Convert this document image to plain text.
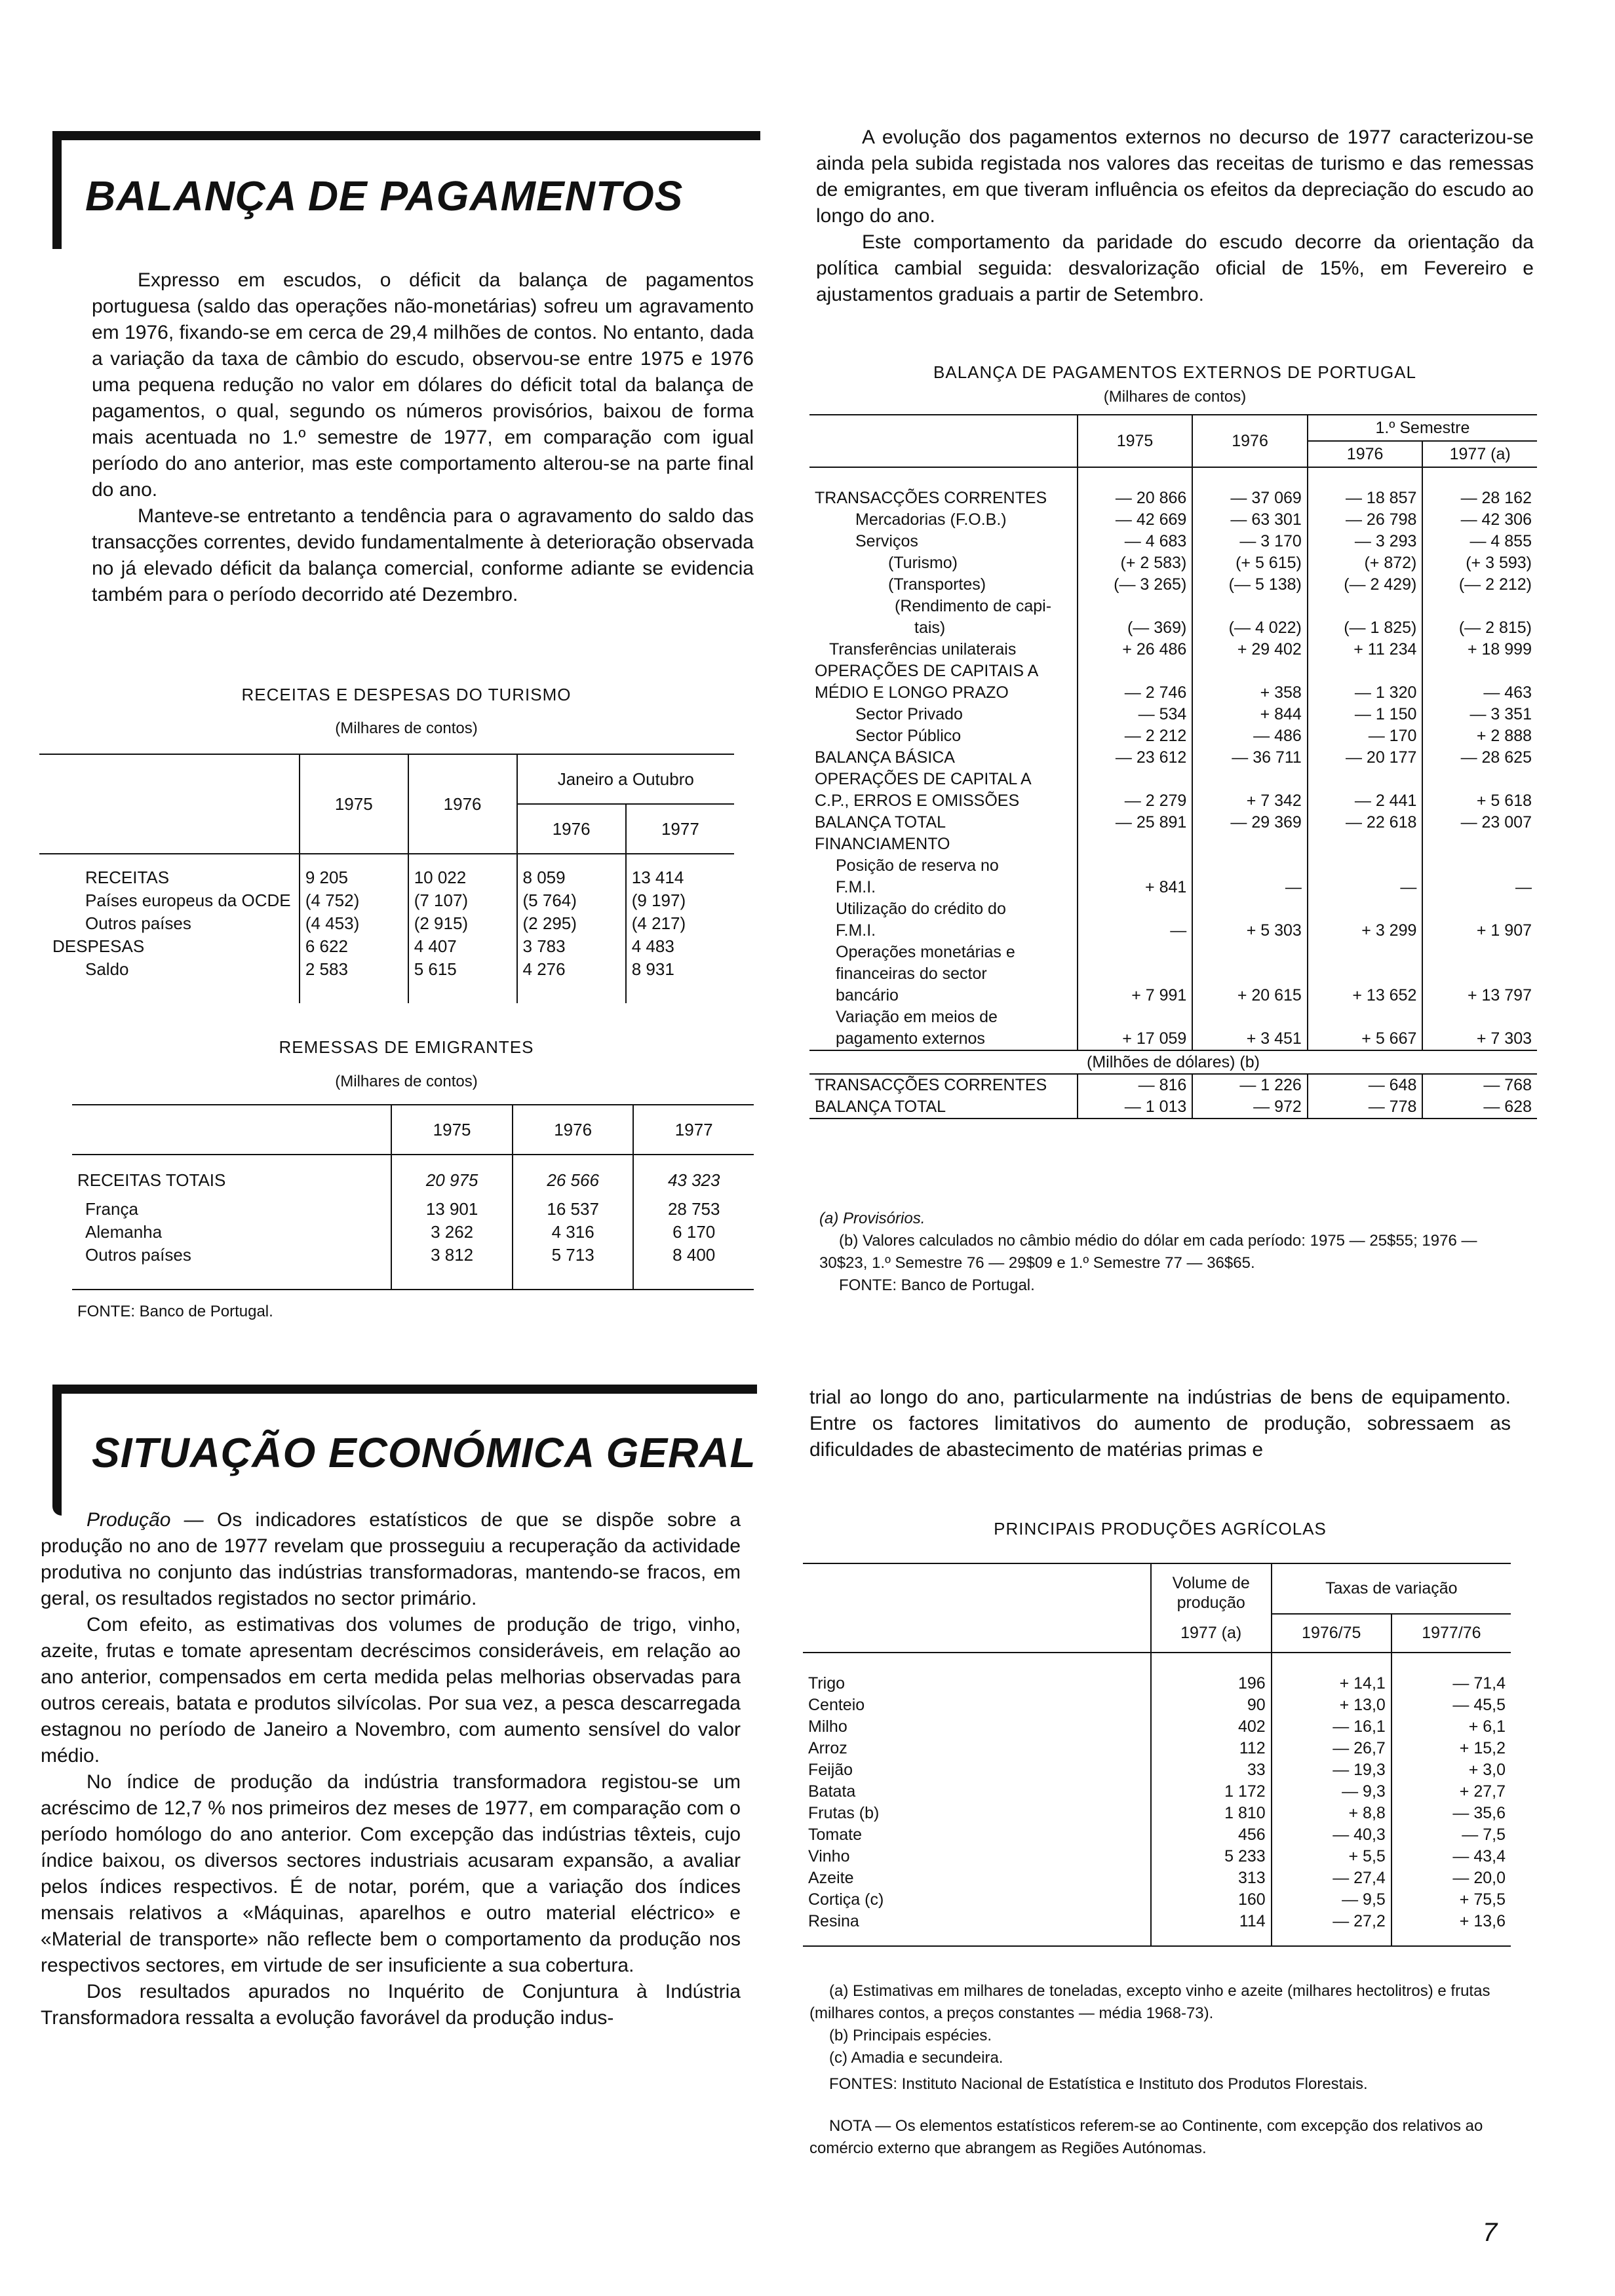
BALANÇA DE PAGAMENTOS

Expresso em escudos, o déficit da balança de pagamentos portuguesa (saldo das operações não-monetárias) sofreu um agravamento em 1976, fixando-se em cerca de 29,4 milhões de contos. No entanto, dada a variação da taxa de câmbio do escudo, observou-se entre 1975 e 1976 uma pequena redução no valor em dólares do déficit total da balança de pagamentos, o qual, segundo os números provisórios, baixou de forma mais acentuada no 1.º semestre de 1977, em comparação com igual período do ano anterior, mas este comportamento alterou-se na parte final do ano.

Manteve-se entretanto a tendência para o agravamento do saldo das transacções correntes, devido fundamentalmente à deterioração observada no já elevado déficit da balança comercial, conforme adiante se evidencia também para o período decorrido até Dezembro.

RECEITAS E DESPESAS DO TURISMO
(Milhares de contos)
	1975	1976	Janeiro a Outubro	
			1976	1977

RECEITAS	9 205	10 022	8 059	13 414
Países europeus da OCDE	(4 752)	(7 107)	(5 764)	(9 197)
Outros países	(4 453)	(2 915)	(2 295)	(4 217)
DESPESAS	6 622	4 407	3 783	4 483
Saldo	2 583	5 615	4 276	8 931

REMESSAS DE EMIGRANTES
(Milhares de contos)
	1975	1976	1977

RECEITAS TOTAIS	20 975	26 566	43 323
França	13 901	16 537	28 753
Alemanha	3 262	4 316	6 170
Outros países	3 812	5 713	8 400

FONTE: Banco de Portugal.

A evolução dos pagamentos externos no decurso de 1977 caracterizou-se ainda pela subida registada nos valores das receitas de turismo e das remessas de emigrantes, em que tiveram influência os efeitos da depreciação do escudo ao longo do ano.

Este comportamento da paridade do escudo decorre da orientação da política cambial seguida: desvalorização oficial de 15%, em Fevereiro e ajustamentos graduais a partir de Setembro.

BALANÇA DE PAGAMENTOS EXTERNOS DE PORTUGAL
(Milhares de contos)
	1975	1976	1.º Semestre	
			1976	1977 (a)

TRANSACÇÕES CORRENTES	— 20 866	— 37 069	— 18 857	— 28 162
Mercadorias (F.O.B.)	— 42 669	— 63 301	— 26 798	— 42 306
Serviços	— 4 683	— 3 170	— 3 293	— 4 855
(Turismo)	(+ 2 583)	(+ 5 615)	(+ 872)	(+ 3 593)
(Transportes)	(— 3 265)	(— 5 138)	(— 2 429)	(— 2 212)
(Rendimento de capi-				
tais)	(— 369)	(— 4 022)	(— 1 825)	(— 2 815)
Transferências unilaterais	+ 26 486	+ 29 402	+ 11 234	+ 18 999
OPERAÇÕES DE CAPITAIS A				
MÉDIO E LONGO PRAZO	— 2 746	+ 358	— 1 320	— 463
Sector Privado	— 534	+ 844	— 1 150	— 3 351
Sector Público	— 2 212	— 486	— 170	+ 2 888
BALANÇA BÁSICA	— 23 612	— 36 711	— 20 177	— 28 625
OPERAÇÕES DE CAPITAL A				
C.P., ERROS E OMISSÕES	— 2 279	+ 7 342	— 2 441	+ 5 618
BALANÇA TOTAL	— 25 891	— 29 369	— 22 618	— 23 007
FINANCIAMENTO				
Posição de reserva no				
F.M.I.	+ 841	—	—	—
Utilização do crédito do				
F.M.I.	—	+ 5 303	+ 3 299	+ 1 907
Operações monetárias e				
financeiras do sector				
bancário	+ 7 991	+ 20 615	+ 13 652	+ 13 797
Variação em meios de				
pagamento externos	+ 17 059	+ 3 451	+ 5 667	+ 7 303
(Milhões de dólares) (b)				
TRANSACÇÕES CORRENTES	— 816	— 1 226	— 648	— 768
BALANÇA TOTAL	— 1 013	— 972	— 778	— 628

(a) Provisórios.

(b) Valores calculados no câmbio médio do dólar em cada período: 1975 — 25$55; 1976 — 30$23, 1.º Semestre 76 — 29$09 e 1.º Semestre 77 — 36$65.

FONTE: Banco de Portugal.

SITUAÇÃO ECONÓMICA GERAL

Produção — Os indicadores estatísticos de que se dispõe sobre a produção no ano de 1977 revelam que prosseguiu a recuperação da actividade produtiva no conjunto das indústrias transformadoras, mantendo-se fracos, em geral, os resultados registados no sector primário.

Com efeito, as estimativas dos volumes de produção de trigo, vinho, azeite, frutas e tomate apresentam decréscimos consideráveis, em relação ao ano anterior, compensados em certa medida pelas melhorias observadas para outros cereais, batata e produtos silvícolas. Por sua vez, a pesca descarregada estagnou no período de Janeiro a Novembro, com aumento sensível do valor médio.

No índice de produção da indústria transformadora registou-se um acréscimo de 12,7 % nos primeiros dez meses de 1977, em comparação com o período homólogo do ano anterior. Com excepção das indústrias têxteis, cujo índice baixou, os diversos sectores industriais acusaram expansão, a avaliar pelos índices respectivos. É de notar, porém, que a variação dos índices mensais relativos a «Máquinas, aparelhos e outro material eléctrico» e «Material de transporte» não reflecte bem o comportamento da produção nos respectivos sectores, em virtude de ser insuficiente a sua cobertura.

Dos resultados apurados no Inquérito de Conjuntura à Indústria Transformadora ressalta a evolução favorável da produção indus-

trial ao longo do ano, particularmente na indústrias de bens de equipamento. Entre os factores limitativos do aumento de produção, sobressaem as dificuldades de abastecimento de matérias primas e

PRINCIPAIS PRODUÇÕES AGRÍCOLAS
	Volume de produção	Taxas de variação	
	1977 (a)	1976/75	1977/76

Trigo	196	+ 14,1	— 71,4
Centeio	90	+ 13,0	— 45,5
Milho	402	— 16,1	+ 6,1
Arroz	112	— 26,7	+ 15,2
Feijão	33	— 19,3	+ 3,0
Batata	1 172	— 9,3	+ 27,7
Frutas (b)	1 810	+ 8,8	— 35,6
Tomate	456	— 40,3	— 7,5
Vinho	5 233	+ 5,5	— 43,4
Azeite	313	— 27,4	— 20,0
Cortiça (c)	160	— 9,5	+ 75,5
Resina	114	— 27,2	+ 13,6

(a) Estimativas em milhares de toneladas, excepto vinho e azeite (milhares hectolitros) e frutas (milhares contos, a preços constantes — média 1968-73).

(b) Principais espécies.

(c) Amadia e secundeira.

FONTES: Instituto Nacional de Estatística e Instituto dos Produtos Florestais.

NOTA — Os elementos estatísticos referem-se ao Continente, com excepção dos relativos ao comércio externo que abrangem as Regiões Autónomas.

7
